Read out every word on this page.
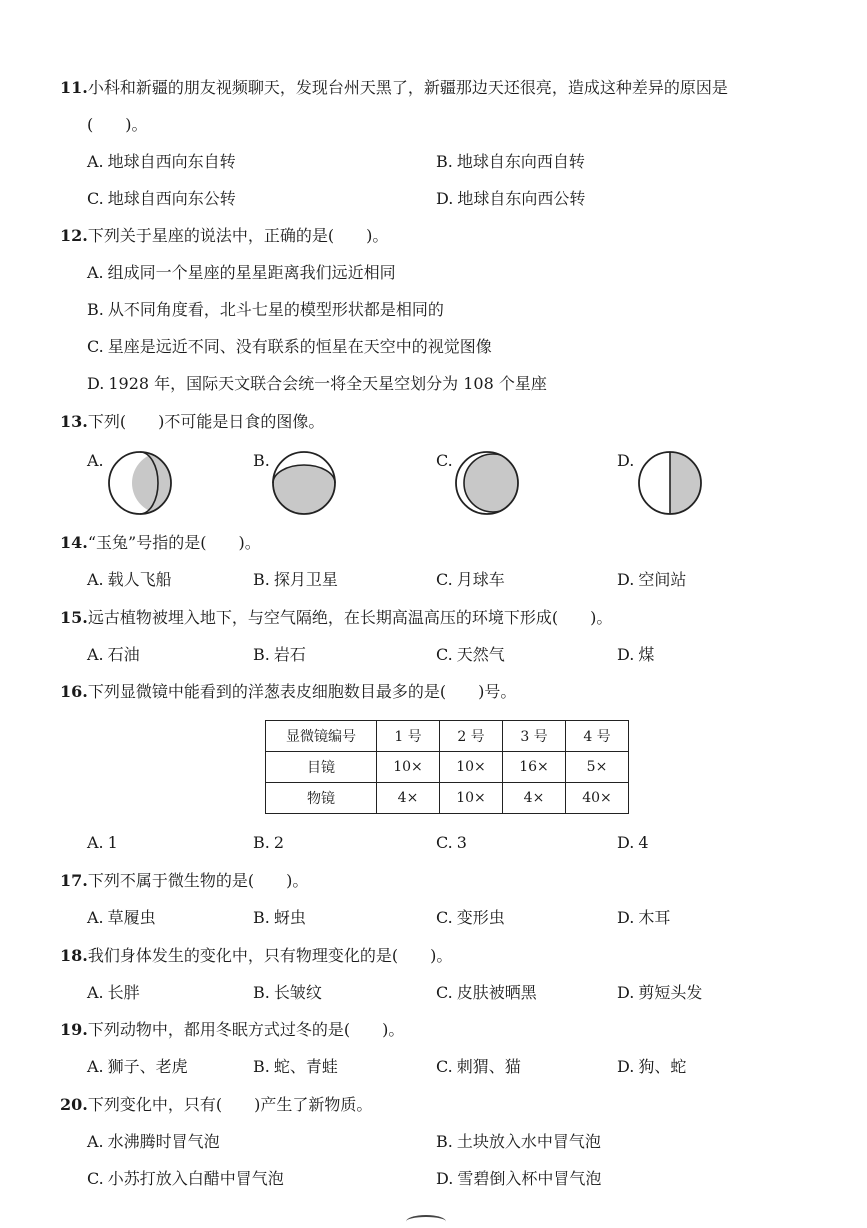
11.小科和新疆的朋友视频聊天，发现台州天黑了，新疆那边天还很亮，造成这种差异的原因是
(　　)。
A. 地球自西向东自转	B. 地球自东向西自转
C. 地球自西向东公转	D. 地球自东向西公转
12.下列关于星座的说法中，正确的是(　　)。
A. 组成同一个星座的星星距离我们远近相同
B. 从不同角度看，北斗七星的模型形状都是相同的
C. 星座是远近不同、没有联系的恒星在天空中的视觉图像
D. 1928 年，国际天文联合会统一将全天星空划分为 108 个星座
13.下列(　　)不可能是日食的图像。
A.	B.	C.	D.
14.“玉兔”号指的是(　　)。
A. 载人飞船	B. 探月卫星	C. 月球车	D. 空间站
15.远古植物被埋入地下，与空气隔绝，在长期高温高压的环境下形成(　　)。
A. 石油	B. 岩石	C. 天然气	D. 煤
16.下列显微镜中能看到的洋葱表皮细胞数目最多的是(　　)号。
显微镜编号	1 号	2 号	3 号	4 号
目镜	10×	10×	16×	5×
物镜	4×	10×	4×	40×
A. 1	B. 2	C. 3	D. 4
17.下列不属于微生物的是(　　)。
A. 草履虫	B. 蚜虫	C. 变形虫	D. 木耳
18.我们身体发生的变化中，只有物理变化的是(　　)。
A. 长胖	B. 长皱纹	C. 皮肤被晒黑	D. 剪短头发
19.下列动物中，都用冬眠方式过冬的是(　　)。
A. 狮子、老虎	B. 蛇、青蛙	C. 刺猬、猫	D. 狗、蛇
20.下列变化中，只有(　　)产生了新物质。
A. 水沸腾时冒气泡	B. 土块放入水中冒气泡
C. 小苏打放入白醋中冒气泡	D. 雪碧倒入杯中冒气泡
